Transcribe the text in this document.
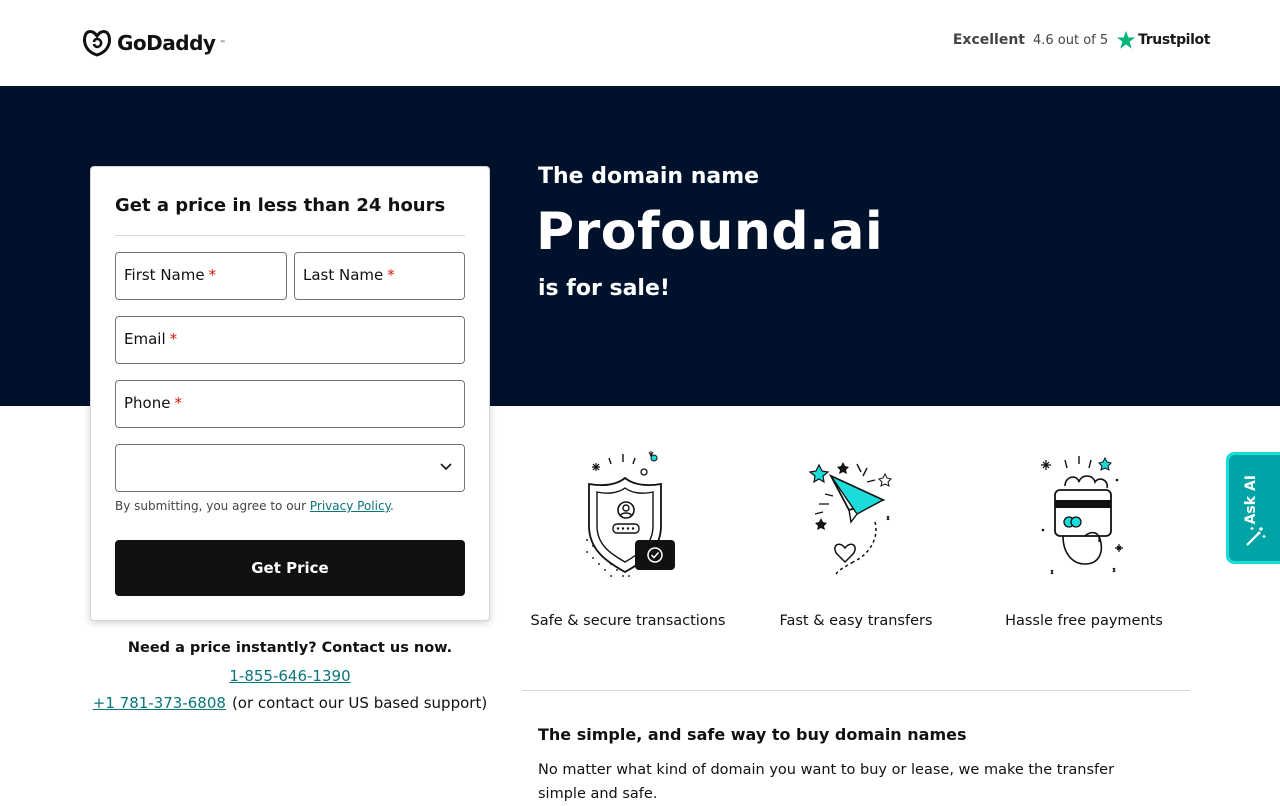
GoDaddy ™	Excellent 4.6 out of 5 Trustpilot
The domain name
Profound.ai
is for sale!
Get a price in less than 24 hours
First Name *	Last Name *
Email *
Phone *
By submitting, you agree to our Privacy Policy.
Get Price
Need a price instantly? Contact us now.
1-855-646-1390
+1 781-373-6808 (or contact our US based support)
Safe & secure transactions	Fast & easy transfers	Hassle free payments
The simple, and safe way to buy domain names
No matter what kind of domain you want to buy or lease, we make the transfer simple and safe.
Ask AI
